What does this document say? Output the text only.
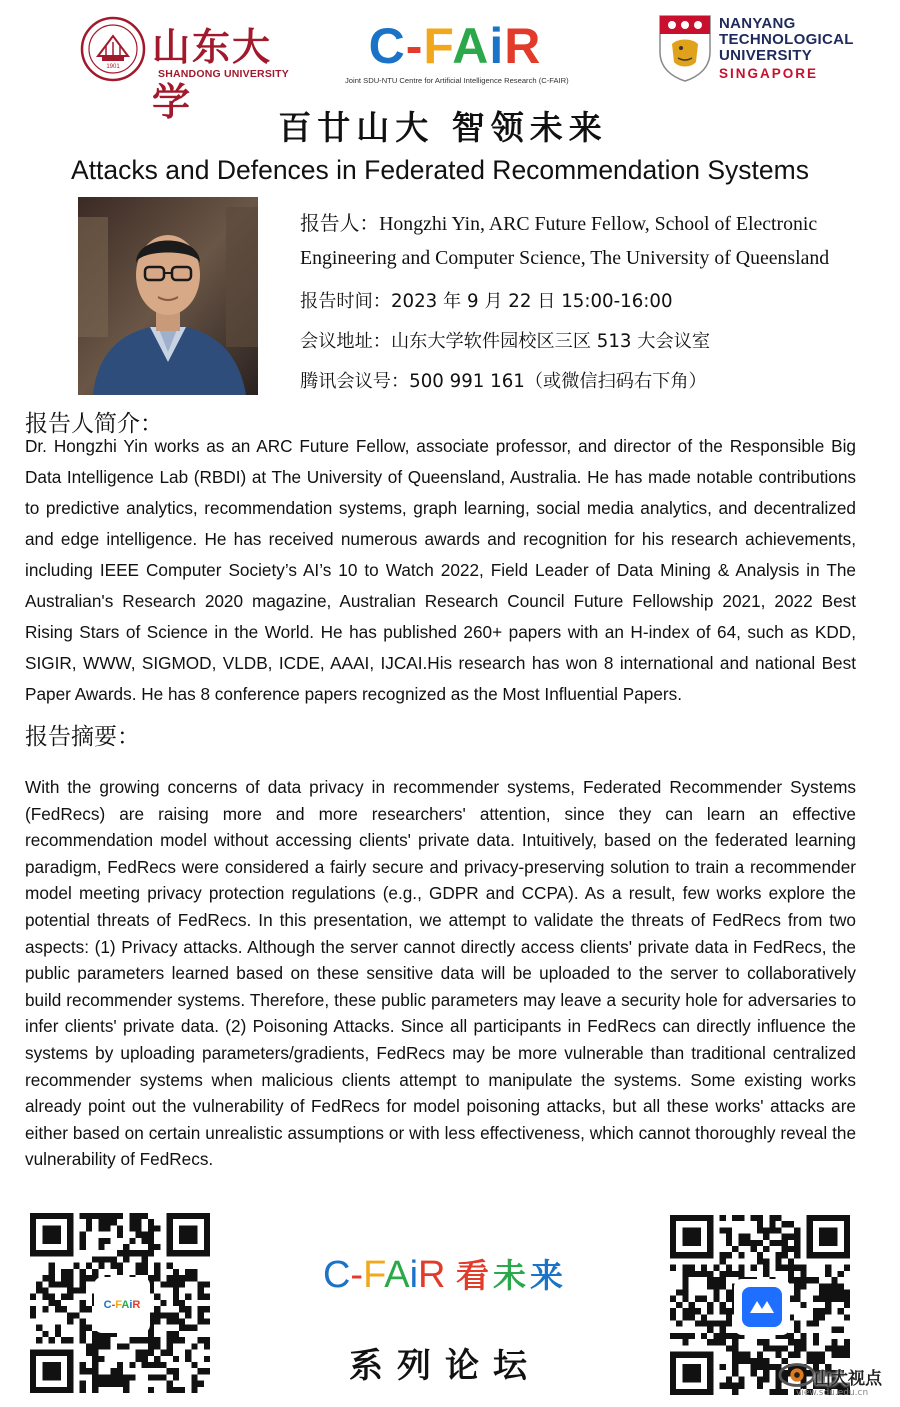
1901 山东大学
SHANDONG UNIVERSITY	C-FAiR
Joint SDU-NTU Centre for Artificial Intelligence Research (C-FAIR)
NANYANG
TECHNOLOGICAL
UNIVERSITY
SINGAPORE
百廿山大 智领未来
Attacks and Defences in Federated Recommendation Systems
报告人：Hongzhi Yin, ARC Future Fellow, School of Electronic
Engineering and Computer Science, The University of Queensland
报告时间：2023 年 9 月 22 日 15:00-16:00
会议地址：山东大学软件园校区三区 513 大会议室
腾讯会议号：500 991 161（或微信扫码右下角）
报告人简介：
Dr. Hongzhi Yin works as an ARC Future Fellow, associate professor, and director of the Responsible Big Data Intelligence Lab (RBDI) at The University of Queensland, Australia. He has made notable contributions to predictive analytics, recommendation systems, graph learning, social media analytics, and decentralized and edge intelligence. He has received numerous awards and recognition for his research achievements, including IEEE Computer Society’s AI’s 10 to Watch 2022, Field Leader of Data Mining & Analysis in The Australian's Research 2020 magazine, Australian Research Council Future Fellowship 2021, 2022 Best Rising Stars of Science in the World. He has published 260+ papers with an H-index of 64, such as KDD, SIGIR, WWW, SIGMOD, VLDB, ICDE, AAAI, IJCAI.His research has won 8 international and national Best Paper Awards. He has 8 conference papers recognized as the Most Influential Papers.
报告摘要：
With the growing concerns of data privacy in recommender systems, Federated Recommender Systems (FedRecs) are raising more and more researchers' attention, since they can learn an effective recommendation model without accessing clients' private data. Intuitively, based on the federated learning paradigm, FedRecs were considered a fairly secure and privacy-preserving solution to train a recommender model meeting privacy protection regulations (e.g., GDPR and CCPA). As a result, few works explore the potential threats of FedRecs. In this presentation, we attempt to validate the threats of FedRecs from two aspects: (1) Privacy attacks. Although the server cannot directly access clients' private data in FedRecs, the public parameters learned based on these sensitive data will be uploaded to the server to collaboratively build recommender systems. Therefore, these public parameters may leave a security hole for adversaries to infer clients' private data. (2) Poisoning Attacks. Since all participants in FedRecs can directly influence the systems by uploading parameters/gradients, FedRecs may be more vulnerable than traditional centralized recommender systems when malicious clients attempt to manipulate the systems. Some existing works already point out the vulnerability of FedRecs for model poisoning attacks, but all these works' attacks are either based on certain unrealistic assumptions or with less effectiveness, which cannot thoroughly reveal the vulnerability of FedRecs.
C-FAiR
C-FAiR 看未来
系列论坛	山大视点
view.sdu.edu.cn
